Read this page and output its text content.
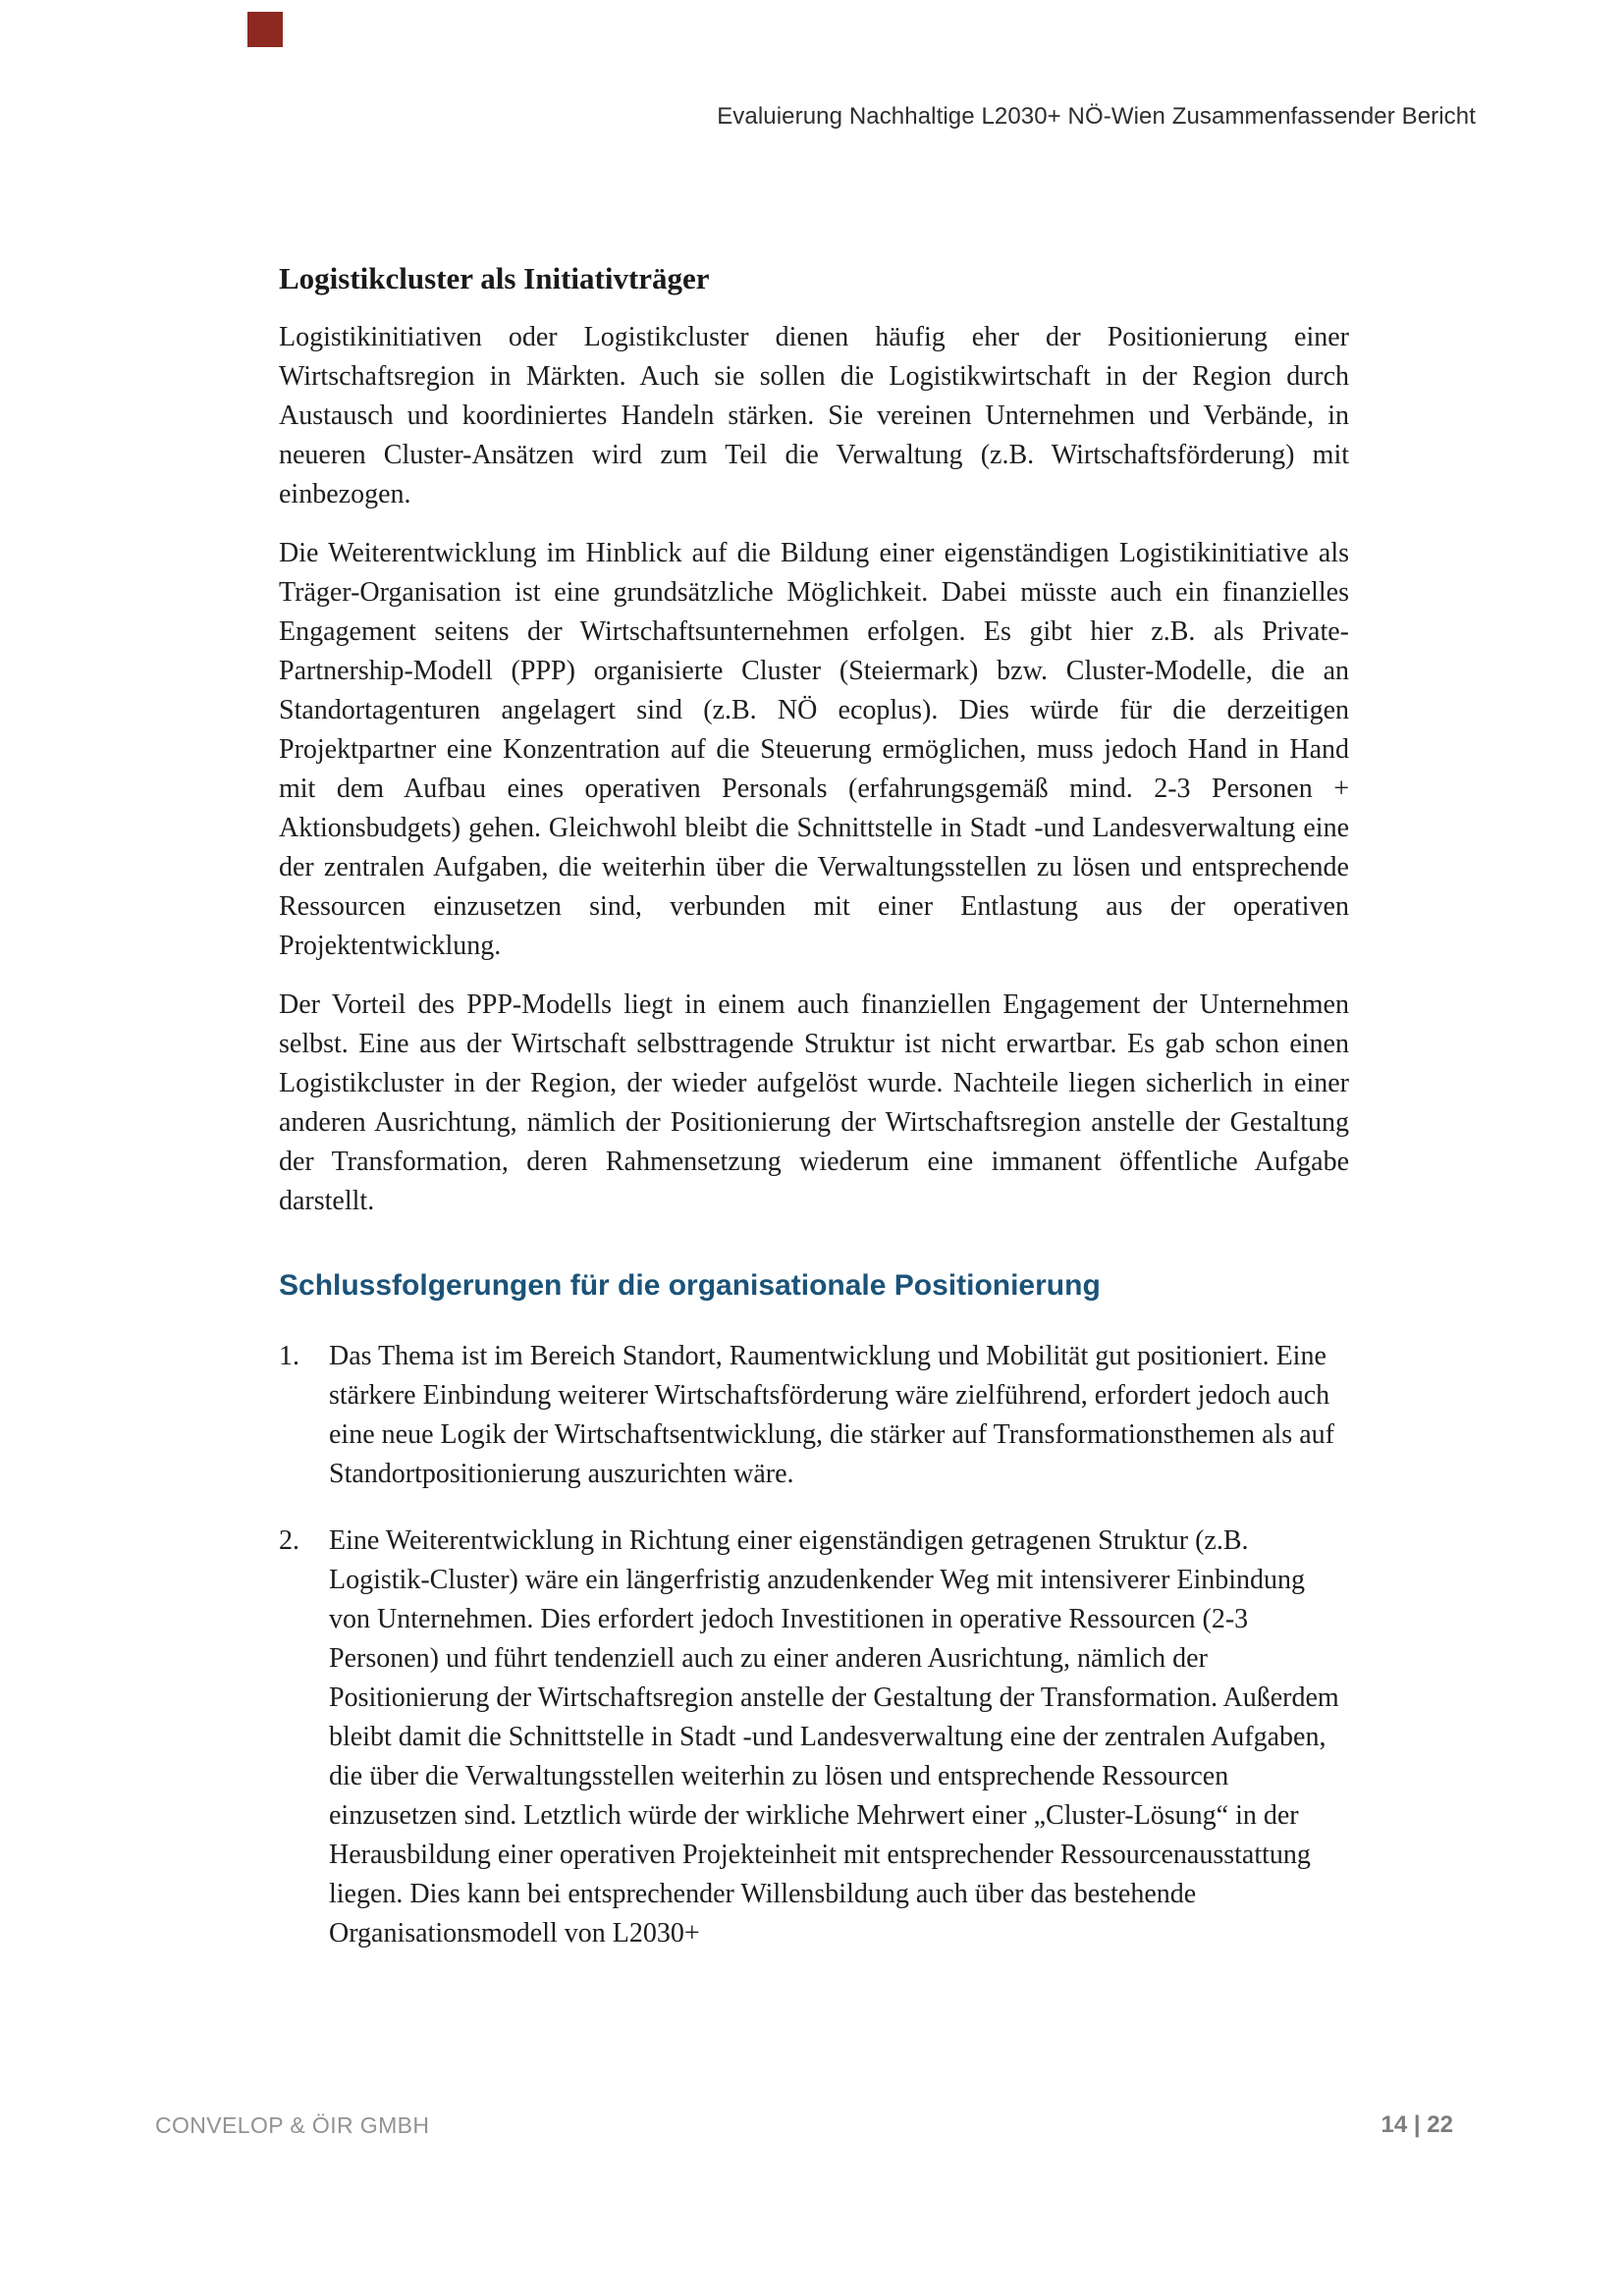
Evaluierung Nachhaltige L2030+ NÖ-Wien Zusammenfassender Bericht
Logistikcluster als Initiativträger

Logistikinitiativen oder Logistikcluster dienen häufig eher der Positionierung einer Wirtschaftsregion in Märkten. Auch sie sollen die Logistikwirtschaft in der Region durch Austausch und koordiniertes Handeln stärken. Sie vereinen Unternehmen und Verbände, in neueren Cluster-Ansätzen wird zum Teil die Verwaltung (z.B. Wirtschaftsförderung) mit einbezogen.

Die Weiterentwicklung im Hinblick auf die Bildung einer eigenständigen Logistikinitiative als Träger-Organisation ist eine grundsätzliche Möglichkeit. Dabei müsste auch ein finanzielles Engagement seitens der Wirtschaftsunternehmen erfolgen. Es gibt hier z.B. als Private-Partnership-Modell (PPP) organisierte Cluster (Steiermark) bzw. Cluster-Modelle, die an Standortagenturen angelagert sind (z.B. NÖ ecoplus). Dies würde für die derzeitigen Projektpartner eine Konzentration auf die Steuerung ermöglichen, muss jedoch Hand in Hand mit dem Aufbau eines operativen Personals (erfahrungsgemäß mind. 2-3 Personen + Aktionsbudgets) gehen. Gleichwohl bleibt die Schnittstelle in Stadt -und Landesverwaltung eine der zentralen Aufgaben, die weiterhin über die Verwaltungsstellen zu lösen und entsprechende Ressourcen einzusetzen sind, verbunden mit einer Entlastung aus der operativen Projektentwicklung.

Der Vorteil des PPP-Modells liegt in einem auch finanziellen Engagement der Unternehmen selbst. Eine aus der Wirtschaft selbsttragende Struktur ist nicht erwartbar. Es gab schon einen Logistikcluster in der Region, der wieder aufgelöst wurde. Nachteile liegen sicherlich in einer anderen Ausrichtung, nämlich der Positionierung der Wirtschaftsregion anstelle der Gestaltung der Transformation, deren Rahmensetzung wiederum eine immanent öffentliche Aufgabe darstellt.

Schlussfolgerungen für die organisationale Positionierung
1.	Das Thema ist im Bereich Standort, Raumentwicklung und Mobilität gut positioniert. Eine stärkere Einbindung weiterer Wirtschaftsförderung wäre zielführend, erfordert jedoch auch eine neue Logik der Wirtschaftsentwicklung, die stärker auf Transformationsthemen als auf Standortpositionierung auszurichten wäre.
2.	Eine Weiterentwicklung in Richtung einer eigenständigen getragenen Struktur (z.B. Logistik-Cluster) wäre ein längerfristig anzudenkender Weg mit intensiverer Einbindung von Unternehmen. Dies erfordert jedoch Investitionen in operative Ressourcen (2-3 Personen) und führt tendenziell auch zu einer anderen Ausrichtung, nämlich der Positionierung der Wirtschaftsregion anstelle der Gestaltung der Transformation. Außerdem bleibt damit die Schnittstelle in Stadt -und Landesverwaltung eine der zentralen Aufgaben, die über die Verwaltungsstellen weiterhin zu lösen und entsprechende Ressourcen einzusetzen sind. Letztlich würde der wirkliche Mehrwert einer „Cluster-Lösung“ in der Herausbildung einer operativen Projekteinheit mit entsprechender Ressourcenausstattung liegen. Dies kann bei entsprechender Willensbildung auch über das bestehende Organisationsmodell von L2030+
CONVELOP & ÖIR GMBH	14 | 22
